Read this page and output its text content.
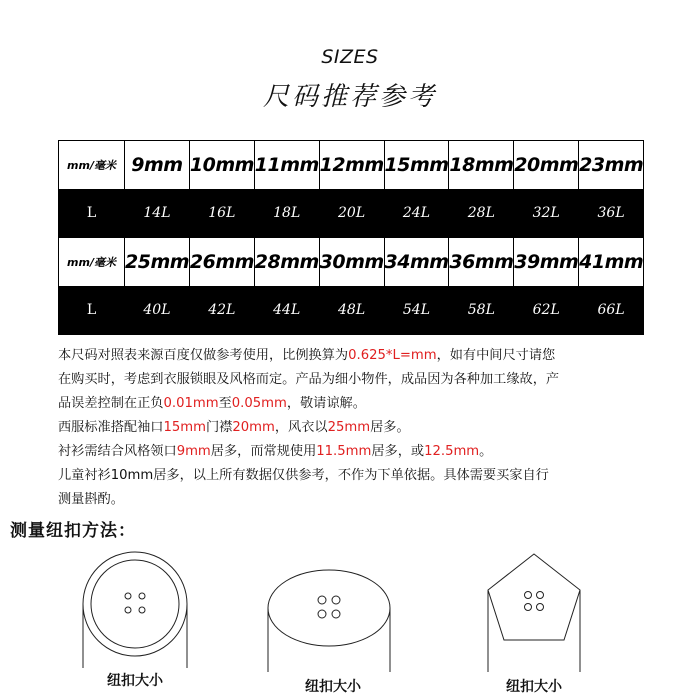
SIZES
尺码推荐参考
mm/毫米	9mm	10mm	11mm	12mm	15mm	18mm	20mm	23mm
L	14L	16L	18L	20L	24L	28L	32L	36L
mm/毫米	25mm	26mm	28mm	30mm	34mm	36mm	39mm	41mm
L	40L	42L	44L	48L	54L	58L	62L	66L
本尺码对照表来源百度仅做参考使用，比例换算为0.625*L=mm，如有中间尺寸请您
在购买时，考虑到衣服锁眼及风格而定。产品为细小物件，成品因为各种加工缘故，产
品误差控制在正负0.01mm至0.05mm，敬请谅解。
西服标准搭配袖口15mm门襟20mm，风衣以25mm居多。
衬衫需结合风格领口9mm居多，而常规使用11.5mm居多，或12.5mm。
儿童衬衫10mm居多，以上所有数据仅供参考，不作为下单依据。具体需要买家自行
测量斟酌。
测量纽扣方法：
纽扣大小	纽扣大小	纽扣大小
